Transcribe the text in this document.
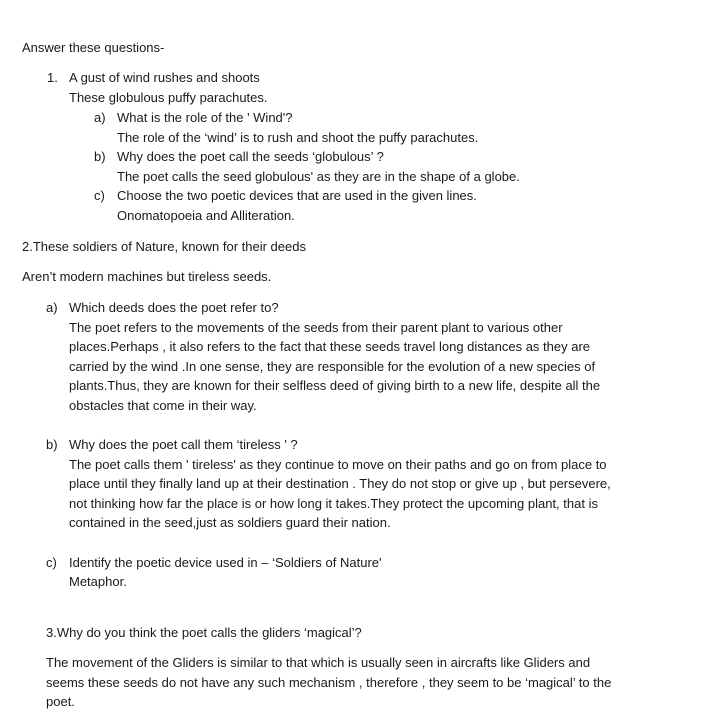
Answer these questions-
1. A gust of wind rushes and shoots
These globulous puffy parachutes.
a) What is the role of the ' Wind'?
The role of the ‘wind’ is to rush and shoot the puffy parachutes.
b) Why does the poet call the seeds ‘globulous’ ?
The poet calls the seed globulous' as they are in the shape of a globe.
c) Choose the two poetic devices that are used in the given lines.
Onomatopoeia and Alliteration.
2.These soldiers of Nature, known for their deeds
Aren’t modern machines but tireless seeds.
a) Which deeds does the poet refer to?
The poet refers to the movements of the seeds from their parent plant to various other
places.Perhaps , it also refers to the fact that these seeds travel long distances as they are
carried by the wind .In one sense, they are responsible for the evolution of a new species of
plants.Thus, they are known for their selfless deed of giving birth to a new life, despite all the
obstacles that come in their way.
b) Why does the poet call them ‘tireless ' ?
The poet calls them ' tireless' as they continue to move on their paths and go on from place to
place until they finally land up at their destination . They do not stop or give up , but persevere,
not thinking how far the place is or how long it takes.They protect the upcoming plant, that is
contained in the seed,just as soldiers guard their nation.
c) Identify the poetic device used in – ‘Soldiers of Nature'
Metaphor.
3.Why do you think the poet calls the gliders ‘magical’?
The movement of the Gliders is similar to that which is usually seen in aircrafts like Gliders and
seems these seeds do not have any such mechanism , therefore , they seem to be ‘magical’ to the
poet.
